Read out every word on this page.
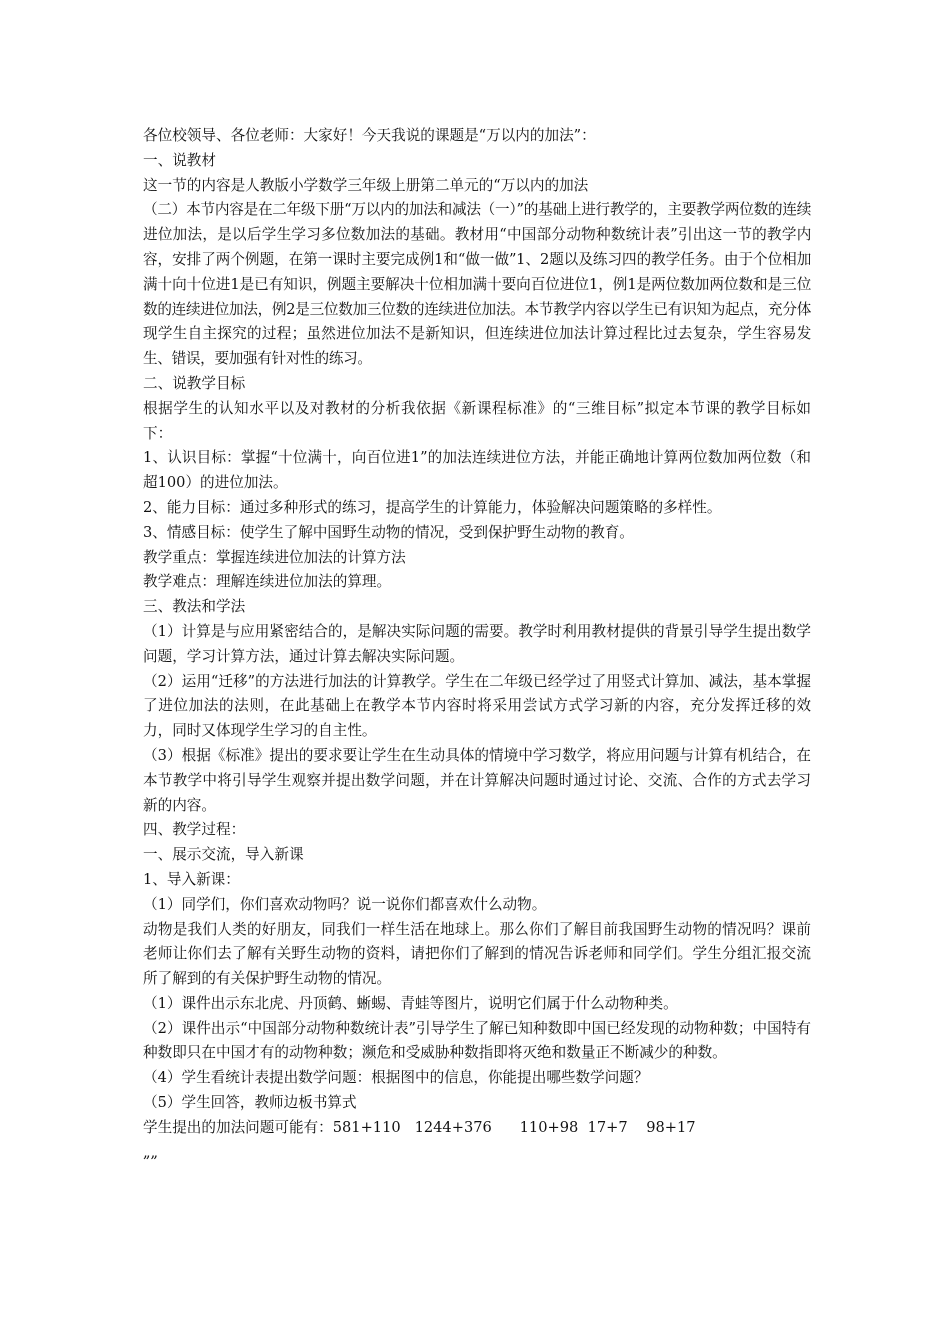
各位校领导、各位老师：大家好！今天我说的课题是“万以内的加法”：

一、说教材

这一节的内容是人教版小学数学三年级上册第二单元的“万以内的加法

（二）本节内容是在二年级下册“万以内的加法和减法（一）”的基础上进行教学的，主要教学两位数的连续进位加法，是以后学生学习多位数加法的基础。教材用“中国部分动物种数统计表”引出这一节的教学内容，安排了两个例题，在第一课时主要完成例1和“做一做”1、2题以及练习四的教学任务。由于个位相加满十向十位进1是已有知识，例题主要解决十位相加满十要向百位进位1，例1是两位数加两位数和是三位数的连续进位加法，例2是三位数加三位数的连续进位加法。本节教学内容以学生已有识知为起点，充分体现学生自主探究的过程；虽然进位加法不是新知识，但连续进位加法计算过程比过去复杂，学生容易发生、错误，要加强有针对性的练习。

二、说教学目标

根据学生的认知水平以及对教材的分析我依据《新课程标准》的“三维目标”拟定本节课的教学目标如下：

1、认识目标：掌握“十位满十，向百位进1”的加法连续进位方法，并能正确地计算两位数加两位数（和超100）的进位加法。

2、能力目标：通过多种形式的练习，提高学生的计算能力，体验解决问题策略的多样性。

3、情感目标：使学生了解中国野生动物的情况，受到保护野生动物的教育。

教学重点：掌握连续进位加法的计算方法

教学难点：理解连续进位加法的算理。

三、教法和学法

（1）计算是与应用紧密结合的，是解决实际问题的需要。教学时利用教材提供的背景引导学生提出数学问题，学习计算方法，通过计算去解决实际问题。

（2）运用“迁移”的方法进行加法的计算教学。学生在二年级已经学过了用竖式计算加、减法，基本掌握了进位加法的法则，在此基础上在教学本节内容时将采用尝试方式学习新的内容，充分发挥迁移的效力，同时又体现学生学习的自主性。

（3）根据《标准》提出的要求要让学生在生动具体的情境中学习数学，将应用问题与计算有机结合，在本节教学中将引导学生观察并提出数学问题，并在计算解决问题时通过讨论、交流、合作的方式去学习新的内容。

四、教学过程：

一、展示交流，导入新课

1、导入新课：

（1）同学们，你们喜欢动物吗？说一说你们都喜欢什么动物。

动物是我们人类的好朋友，同我们一样生活在地球上。那么你们了解目前我国野生动物的情况吗？课前老师让你们去了解有关野生动物的资料，请把你们了解到的情况告诉老师和同学们。学生分组汇报交流所了解到的有关保护野生动物的情况。

（1）课件出示东北虎、丹顶鹤、蜥蜴、青蛙等图片，说明它们属于什么动物种类。

（2）课件出示“中国部分动物种数统计表”引导学生了解已知种数即中国已经发现的动物种数；中国特有种数即只在中国才有的动物种数；濒危和受威胁种数指即将灭绝和数量正不断减少的种数。

（4）学生看统计表提出数学问题：根据图中的信息，你能提出哪些数学问题？

（5）学生回答，教师边板书算式

学生提出的加法问题可能有：581+110   1244+376      110+98  17+7    98+17

„„
